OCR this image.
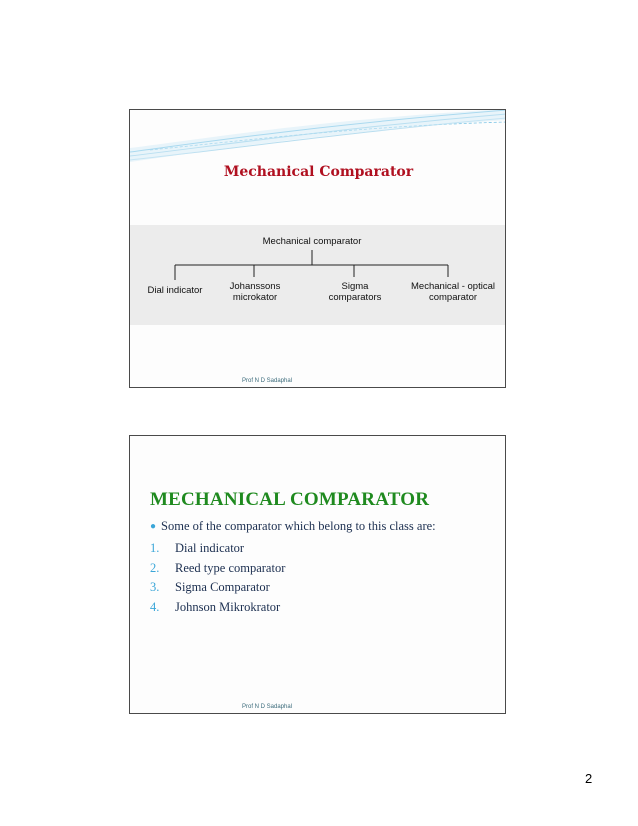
Mechanical Comparator
Mechanical comparator
Dial indicator	Johanssons
microkator
Sigma
comparators
Mechanical - optical
comparator
Prof N D Sadaphal
MECHANICAL COMPARATOR
● Some of the comparator which belong to this class are:
1. Dial indicator
2. Reed type comparator
3. Sigma Comparator
4. Johnson Mikrokrator
Prof N D Sadaphal
2
